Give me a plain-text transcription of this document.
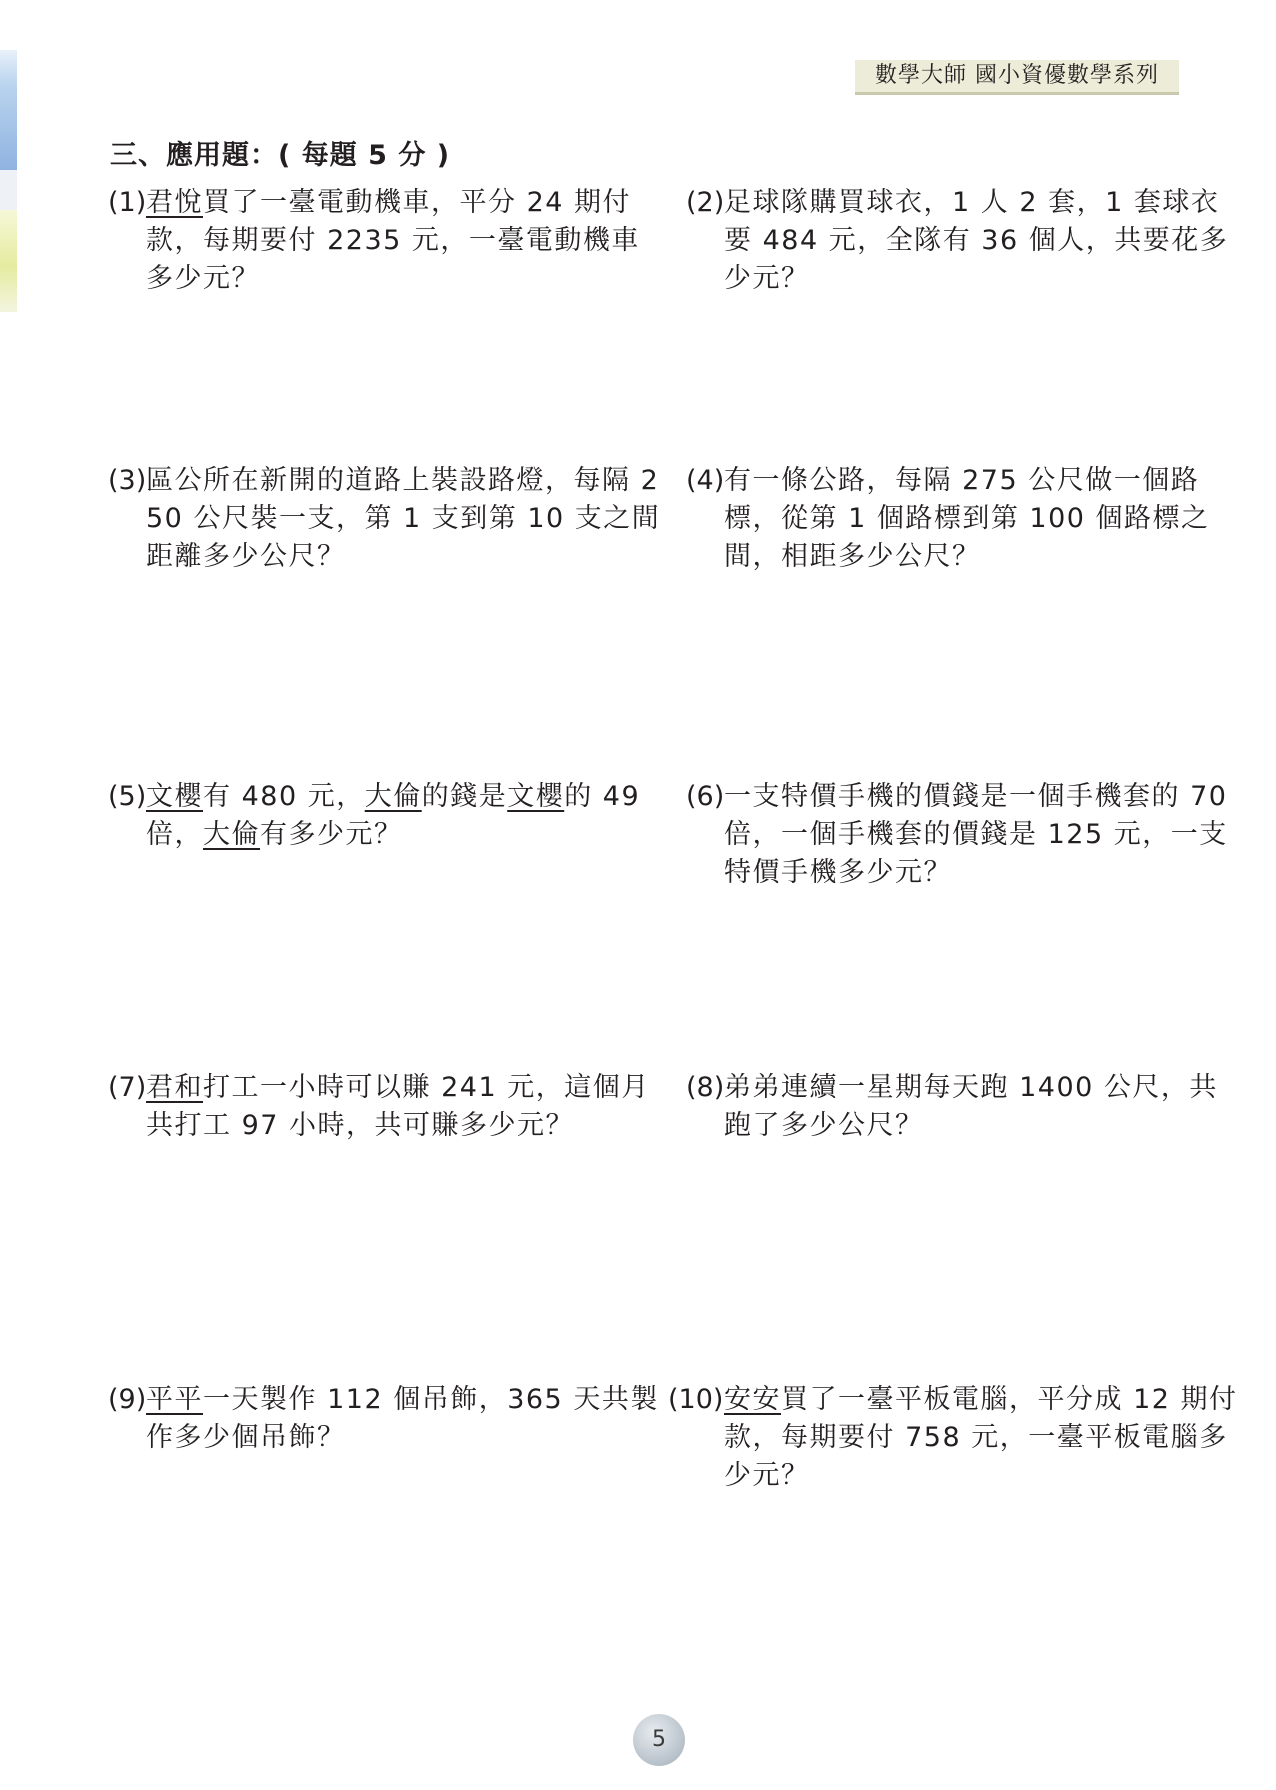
數學大師 國小資優數學系列
三、應用題：( 每題 5 分 )
(1) 君悅買了一臺電動機車，平分 24 期付款，每期要付 2235 元，一臺電動機車多少元？
(2) 足球隊購買球衣，1 人 2 套，1 套球衣要 484 元，全隊有 36 個人，共要花多少元？
(3) 區公所在新開的道路上裝設路燈，每隔 250 公尺裝一支，第 1 支到第 10 支之間距離多少公尺？
(4) 有一條公路，每隔 275 公尺做一個路標，從第 1 個路標到第 100 個路標之間，相距多少公尺？
(5) 文櫻有 480 元，大倫的錢是文櫻的 49 倍，大倫有多少元？
(6) 一支特價手機的價錢是一個手機套的 70 倍，一個手機套的價錢是 125 元，一支特價手機多少元？
(7) 君和打工一小時可以賺 241 元，這個月共打工 97 小時，共可賺多少元？
(8) 弟弟連續一星期每天跑 1400 公尺，共跑了多少公尺？
(9) 平平一天製作 112 個吊飾，365 天共製作多少個吊飾？
(10) 安安買了一臺平板電腦，平分成 12 期付款，每期要付 758 元，一臺平板電腦多少元？
5
